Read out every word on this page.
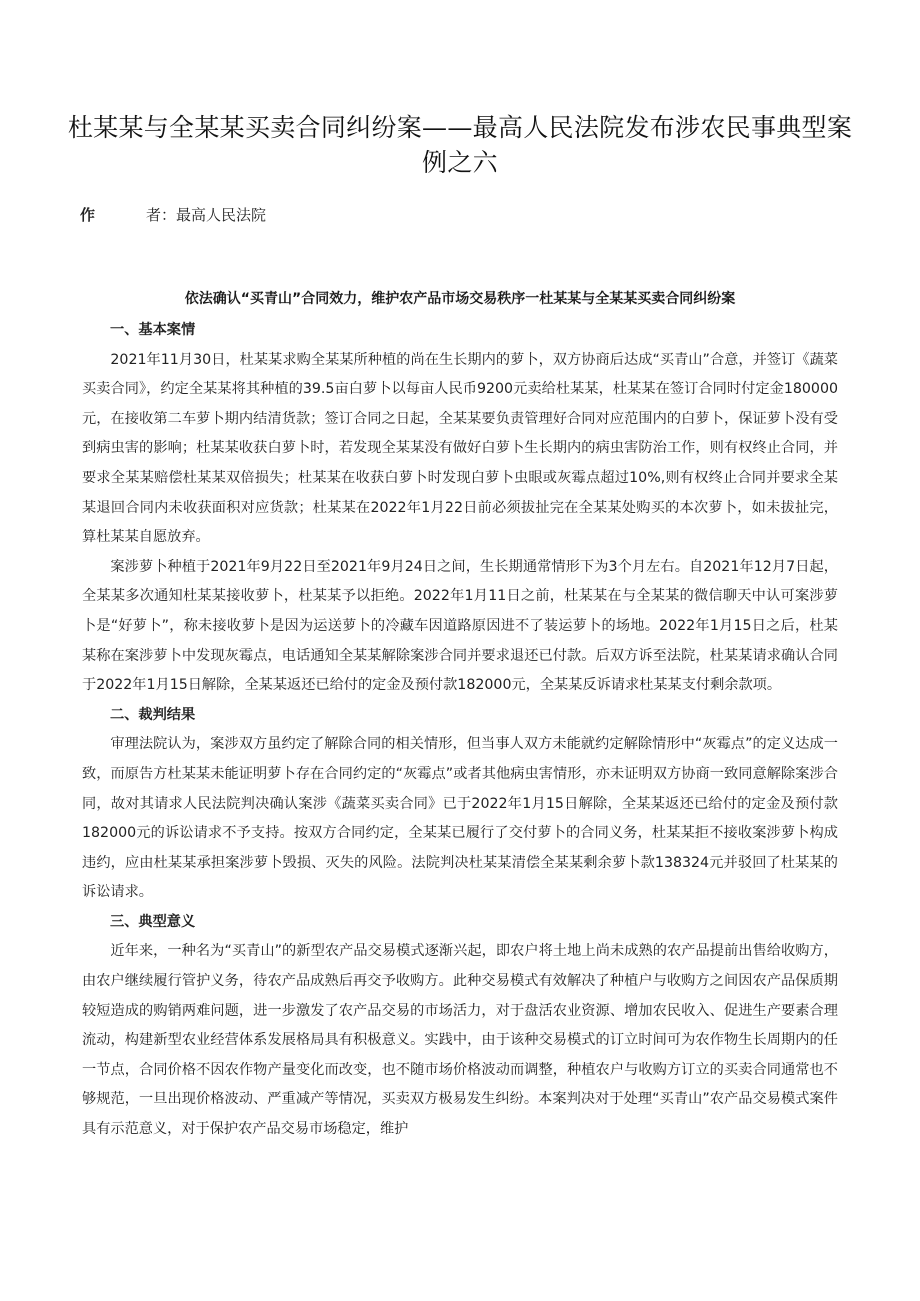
杜某某与全某某买卖合同纠纷案——最高人民法院发布涉农民事典型案例之六
作	者： 最高人民法院
依法确认“买青山”合同效力，维护农产品市场交易秩序一杜某某与全某某买卖合同纠纷案
一、基本案情

2021年11月30日，杜某某求购全某某所种植的尚在生长期内的萝卜，双方协商后达成“买青山”合意，并签订《蔬菜买卖合同》，约定全某某将其种植的39.5亩白萝卜以每亩人民币9200元卖给杜某某，杜某某在签订合同时付定金180000元，在接收第二车萝卜期内结清货款；签订合同之日起，全某某要负责管理好合同对应范围内的白萝卜，保证萝卜没有受到病虫害的影响；杜某某收获白萝卜时，若发现全某某没有做好白萝卜生长期内的病虫害防治工作，则有权终止合同，并要求全某某赔偿杜某某双倍损失；杜某某在收获白萝卜时发现白萝卜虫眼或灰霉点超过10%,则有权终止合同并要求全某某退回合同内未收获面积对应货款；杜某某在2022年1月22日前必须拔扯完在全某某处购买的本次萝卜，如未拔扯完，算杜某某自愿放弃。

案涉萝卜种植于2021年9月22日至2021年9月24日之间，生长期通常情形下为3个月左右。自2021年12月7日起，全某某多次通知杜某某接收萝卜，杜某某予以拒绝。2022年1月11日之前，杜某某在与全某某的微信聊天中认可案涉萝卜是“好萝卜”，称未接收萝卜是因为运送萝卜的冷藏车因道路原因进不了装运萝卜的场地。2022年1月15日之后，杜某某称在案涉萝卜中发现灰霉点，电话通知全某某解除案涉合同并要求退还已付款。后双方诉至法院，杜某某请求确认合同于2022年1月15日解除，全某某返还已给付的定金及预付款182000元，全某某反诉请求杜某某支付剩余款项。

二、裁判结果

审理法院认为，案涉双方虽约定了解除合同的相关情形，但当事人双方未能就约定解除情形中“灰霉点”的定义达成一致，而原告方杜某某未能证明萝卜存在合同约定的“灰霉点”或者其他病虫害情形，亦未证明双方协商一致同意解除案涉合同，故对其请求人民法院判决确认案涉《蔬菜买卖合同》已于2022年1月15日解除，全某某返还已给付的定金及预付款182000元的诉讼请求不予支持。按双方合同约定，全某某已履行了交付萝卜的合同义务，杜某某拒不接收案涉萝卜构成违约，应由杜某某承担案涉萝卜毁损、灭失的风险。法院判决杜某某清偿全某某剩余萝卜款138324元并驳回了杜某某的诉讼请求。

三、典型意义

近年来，一种名为“买青山”的新型农产品交易模式逐渐兴起，即农户将土地上尚未成熟的农产品提前出售给收购方，由农户继续履行管护义务，待农产品成熟后再交予收购方。此种交易模式有效解决了种植户与收购方之间因农产品保质期较短造成的购销两难问题，进一步激发了农产品交易的市场活力，对于盘活农业资源、增加农民收入、促进生产要素合理流动，构建新型农业经营体系发展格局具有积极意义。实践中，由于该种交易模式的订立时间可为农作物生长周期内的任一节点，合同价格不因农作物产量变化而改变，也不随市场价格波动而调整，种植农户与收购方订立的买卖合同通常也不够规范，一旦出现价格波动、严重减产等情况，买卖双方极易发生纠纷。本案判决对于处理“买青山”农产品交易模式案件具有示范意义，对于保护农产品交易市场稳定，维护
